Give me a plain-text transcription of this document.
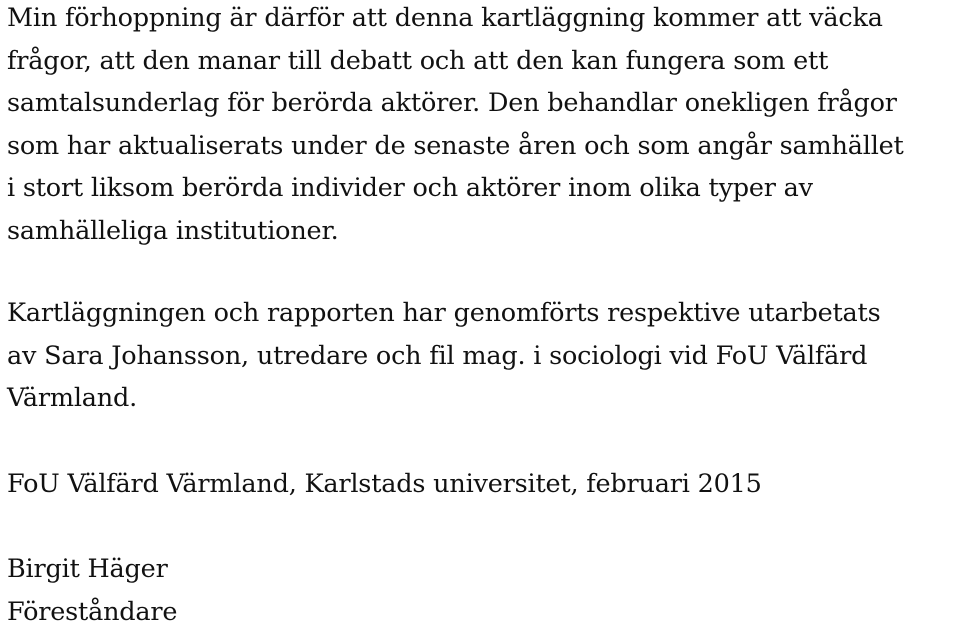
Min förhoppning är därför att denna kartläggning kommer att väcka
frågor, att den manar till debatt och att den kan fungera som ett
samtalsunderlag för berörda aktörer. Den behandlar onekligen frågor
som har aktualiserats under de senaste åren och som angår samhället
i stort liksom berörda individer och aktörer inom olika typer av
samhälleliga institutioner.

Kartläggningen och rapporten har genomförts respektive utarbetats
av Sara Johansson, utredare och fil mag. i sociologi vid FoU Välfärd
Värmland.

FoU Välfärd Värmland, Karlstads universitet, februari 2015

Birgit Häger
Föreståndare
